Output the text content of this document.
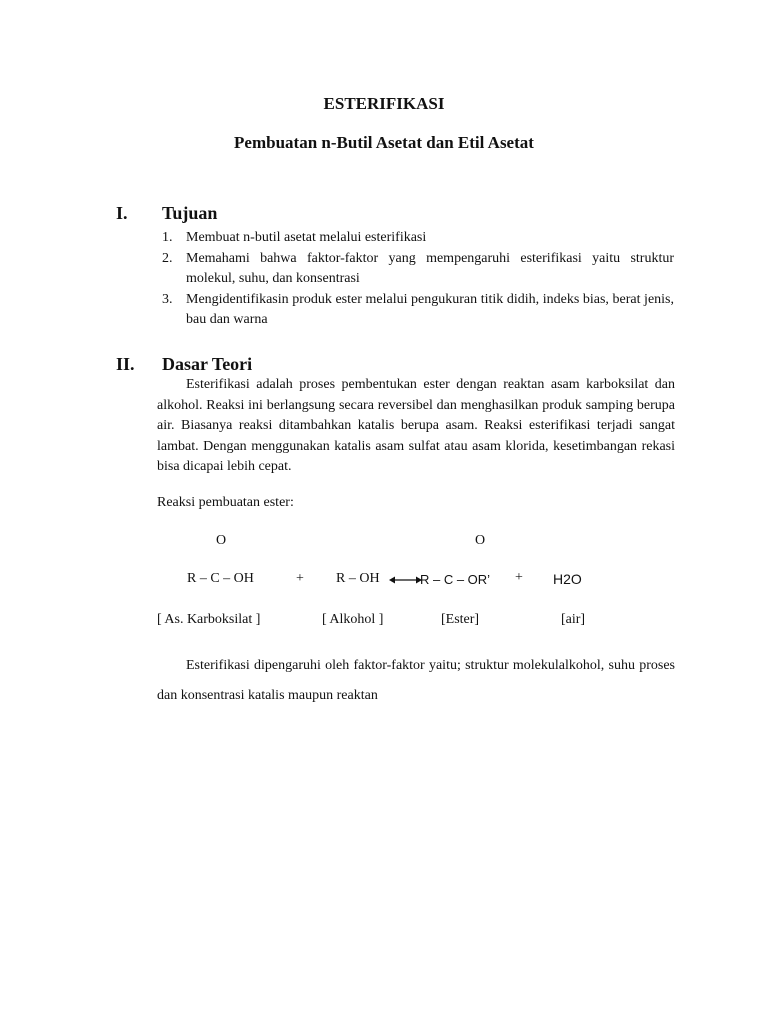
ESTERIFIKASI
Pembuatan n-Butil Asetat dan Etil Asetat
I. Tujuan
1. Membuat n-butil asetat melalui esterifikasi
2. Memahami bahwa faktor-faktor yang mempengaruhi esterifikasi yaitu struktur molekul, suhu, dan konsentrasi
3. Mengidentifikasin produk ester melalui pengukuran titik didih, indeks bias, berat jenis, bau dan warna
II. Dasar Teori

Esterifikasi adalah proses pembentukan ester dengan reaktan asam karboksilat dan alkohol. Reaksi ini berlangsung secara reversibel dan menghasilkan produk samping berupa air. Biasanya reaksi ditambahkan katalis berupa asam. Reaksi esterifikasi terjadi sangat lambat. Dengan menggunakan katalis asam sulfat atau asam klorida, kesetimbangan rekasi bisa dicapai lebih cepat.

Reaksi pembuatan ester:

O	O
R – C – OH	+ R – OH	R – C – OR’ + H2O
[ As. Karboksilat ]	[ Alkohol ]	[Ester]	[air]

Esterifikasi dipengaruhi oleh faktor-faktor yaitu; struktur molekulalkohol, suhu proses dan konsentrasi katalis maupun reaktan
